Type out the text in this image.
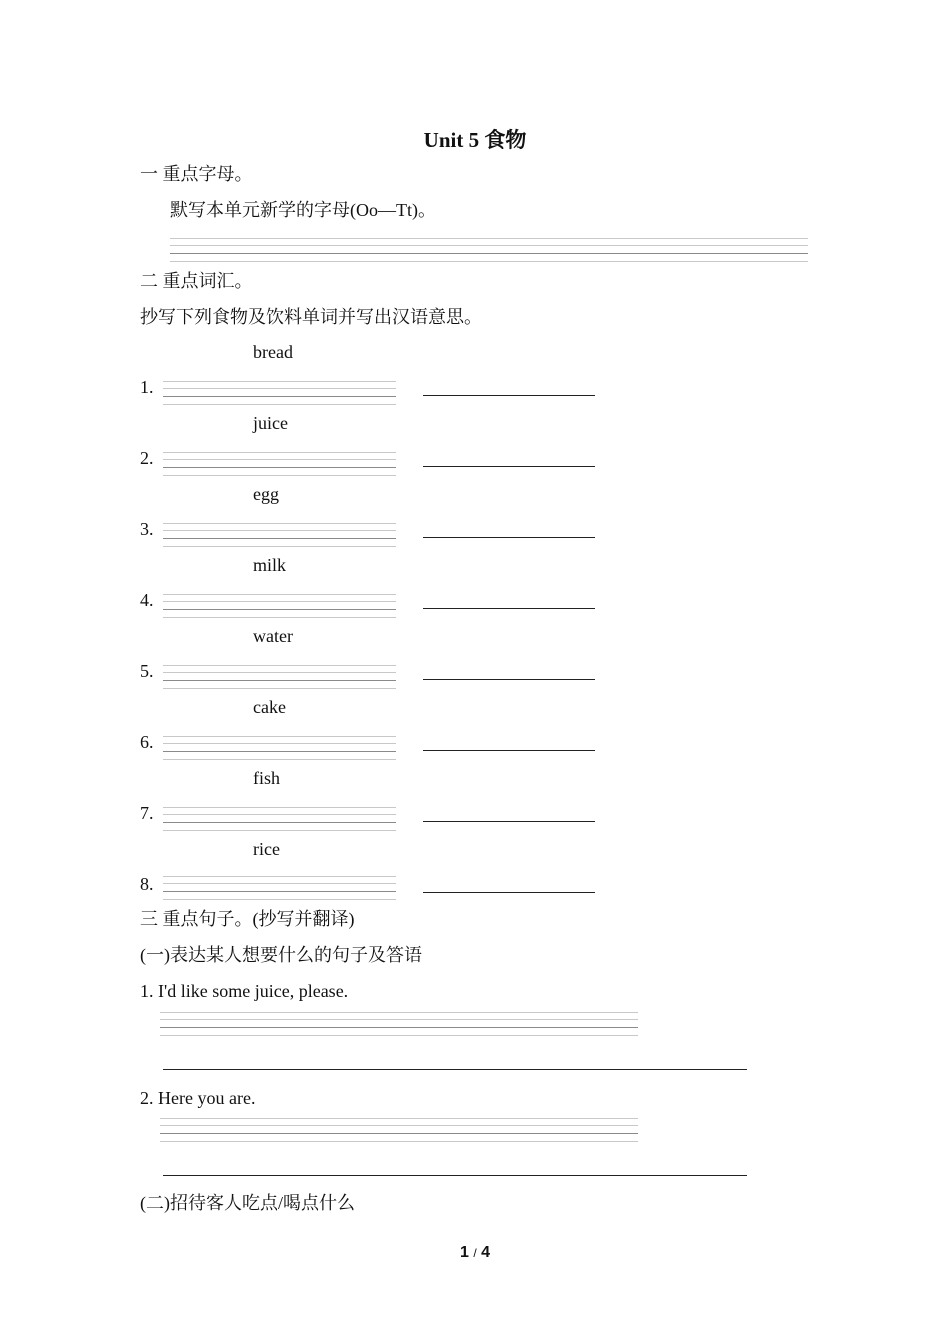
Unit 5 食物
一 重点字母。
默写本单元新学的字母(Oo—Tt)。
二 重点词汇。
抄写下列食物及饮料单词并写出汉语意思。
bread
1.
juice
2.
egg
3.
milk
4.
water
5.
cake
6.
fish
7.
rice
8.
三 重点句子。(抄写并翻译)
(一)表达某人想要什么的句子及答语
1. I'd like some juice, please.
2. Here you are.
(二)招待客人吃点/喝点什么
1 / 4
